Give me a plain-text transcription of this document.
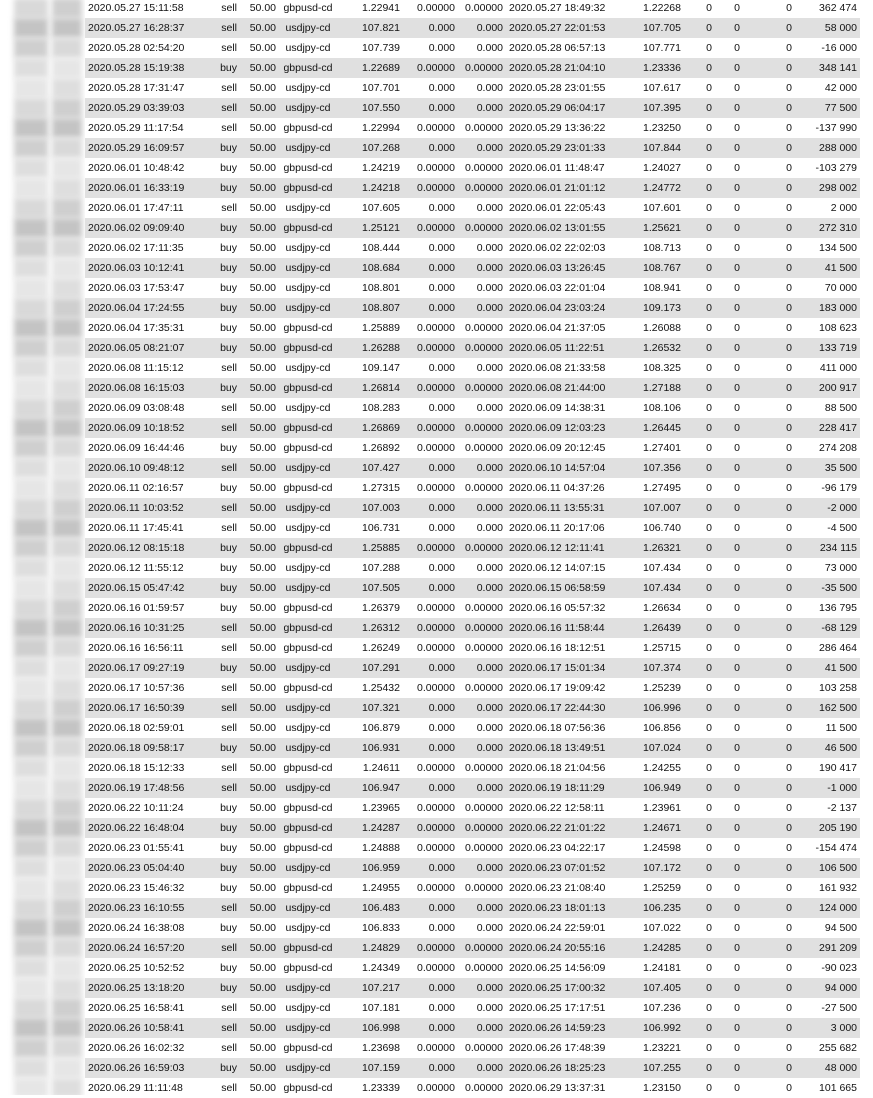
2020.05.27 15:11:58	sell	50.00	gbpusd-cd	1.22941	0.00000	0.00000	2020.05.27 18:49:32	1.22268	0	0	0	362 474
2020.05.27 16:28:37	sell	50.00	usdjpy-cd	107.821	0.000	0.000	2020.05.27 22:01:53	107.705	0	0	0	58 000
2020.05.28 02:54:20	sell	50.00	usdjpy-cd	107.739	0.000	0.000	2020.05.28 06:57:13	107.771	0	0	0	-16 000
2020.05.28 15:19:38	buy	50.00	gbpusd-cd	1.22689	0.00000	0.00000	2020.05.28 21:04:10	1.23336	0	0	0	348 141
2020.05.28 17:31:47	sell	50.00	usdjpy-cd	107.701	0.000	0.000	2020.05.28 23:01:55	107.617	0	0	0	42 000
2020.05.29 03:39:03	sell	50.00	usdjpy-cd	107.550	0.000	0.000	2020.05.29 06:04:17	107.395	0	0	0	77 500
2020.05.29 11:17:54	sell	50.00	gbpusd-cd	1.22994	0.00000	0.00000	2020.05.29 13:36:22	1.23250	0	0	0	-137 990
2020.05.29 16:09:57	buy	50.00	usdjpy-cd	107.268	0.000	0.000	2020.05.29 23:01:33	107.844	0	0	0	288 000
2020.06.01 10:48:42	buy	50.00	gbpusd-cd	1.24219	0.00000	0.00000	2020.06.01 11:48:47	1.24027	0	0	0	-103 279
2020.06.01 16:33:19	buy	50.00	gbpusd-cd	1.24218	0.00000	0.00000	2020.06.01 21:01:12	1.24772	0	0	0	298 002
2020.06.01 17:47:11	sell	50.00	usdjpy-cd	107.605	0.000	0.000	2020.06.01 22:05:43	107.601	0	0	0	2 000
2020.06.02 09:09:40	buy	50.00	gbpusd-cd	1.25121	0.00000	0.00000	2020.06.02 13:01:55	1.25621	0	0	0	272 310
2020.06.02 17:11:35	buy	50.00	usdjpy-cd	108.444	0.000	0.000	2020.06.02 22:02:03	108.713	0	0	0	134 500
2020.06.03 10:12:41	buy	50.00	usdjpy-cd	108.684	0.000	0.000	2020.06.03 13:26:45	108.767	0	0	0	41 500
2020.06.03 17:53:47	buy	50.00	usdjpy-cd	108.801	0.000	0.000	2020.06.03 22:01:04	108.941	0	0	0	70 000
2020.06.04 17:24:55	buy	50.00	usdjpy-cd	108.807	0.000	0.000	2020.06.04 23:03:24	109.173	0	0	0	183 000
2020.06.04 17:35:31	buy	50.00	gbpusd-cd	1.25889	0.00000	0.00000	2020.06.04 21:37:05	1.26088	0	0	0	108 623
2020.06.05 08:21:07	buy	50.00	gbpusd-cd	1.26288	0.00000	0.00000	2020.06.05 11:22:51	1.26532	0	0	0	133 719
2020.06.08 11:15:12	sell	50.00	usdjpy-cd	109.147	0.000	0.000	2020.06.08 21:33:58	108.325	0	0	0	411 000
2020.06.08 16:15:03	buy	50.00	gbpusd-cd	1.26814	0.00000	0.00000	2020.06.08 21:44:00	1.27188	0	0	0	200 917
2020.06.09 03:08:48	sell	50.00	usdjpy-cd	108.283	0.000	0.000	2020.06.09 14:38:31	108.106	0	0	0	88 500
2020.06.09 10:18:52	sell	50.00	gbpusd-cd	1.26869	0.00000	0.00000	2020.06.09 12:03:23	1.26445	0	0	0	228 417
2020.06.09 16:44:46	buy	50.00	gbpusd-cd	1.26892	0.00000	0.00000	2020.06.09 20:12:45	1.27401	0	0	0	274 208
2020.06.10 09:48:12	sell	50.00	usdjpy-cd	107.427	0.000	0.000	2020.06.10 14:57:04	107.356	0	0	0	35 500
2020.06.11 02:16:57	buy	50.00	gbpusd-cd	1.27315	0.00000	0.00000	2020.06.11 04:37:26	1.27495	0	0	0	-96 179
2020.06.11 10:03:52	sell	50.00	usdjpy-cd	107.003	0.000	0.000	2020.06.11 13:55:31	107.007	0	0	0	-2 000
2020.06.11 17:45:41	sell	50.00	usdjpy-cd	106.731	0.000	0.000	2020.06.11 20:17:06	106.740	0	0	0	-4 500
2020.06.12 08:15:18	buy	50.00	gbpusd-cd	1.25885	0.00000	0.00000	2020.06.12 12:11:41	1.26321	0	0	0	234 115
2020.06.12 11:55:12	buy	50.00	usdjpy-cd	107.288	0.000	0.000	2020.06.12 14:07:15	107.434	0	0	0	73 000
2020.06.15 05:47:42	buy	50.00	usdjpy-cd	107.505	0.000	0.000	2020.06.15 06:58:59	107.434	0	0	0	-35 500
2020.06.16 01:59:57	buy	50.00	gbpusd-cd	1.26379	0.00000	0.00000	2020.06.16 05:57:32	1.26634	0	0	0	136 795
2020.06.16 10:31:25	sell	50.00	gbpusd-cd	1.26312	0.00000	0.00000	2020.06.16 11:58:44	1.26439	0	0	0	-68 129
2020.06.16 16:56:11	sell	50.00	gbpusd-cd	1.26249	0.00000	0.00000	2020.06.16 18:12:51	1.25715	0	0	0	286 464
2020.06.17 09:27:19	buy	50.00	usdjpy-cd	107.291	0.000	0.000	2020.06.17 15:01:34	107.374	0	0	0	41 500
2020.06.17 10:57:36	sell	50.00	gbpusd-cd	1.25432	0.00000	0.00000	2020.06.17 19:09:42	1.25239	0	0	0	103 258
2020.06.17 16:50:39	sell	50.00	usdjpy-cd	107.321	0.000	0.000	2020.06.17 22:44:30	106.996	0	0	0	162 500
2020.06.18 02:59:01	sell	50.00	usdjpy-cd	106.879	0.000	0.000	2020.06.18 07:56:36	106.856	0	0	0	11 500
2020.06.18 09:58:17	buy	50.00	usdjpy-cd	106.931	0.000	0.000	2020.06.18 13:49:51	107.024	0	0	0	46 500
2020.06.18 15:12:33	sell	50.00	gbpusd-cd	1.24611	0.00000	0.00000	2020.06.18 21:04:56	1.24255	0	0	0	190 417
2020.06.19 17:48:56	sell	50.00	usdjpy-cd	106.947	0.000	0.000	2020.06.19 18:11:29	106.949	0	0	0	-1 000
2020.06.22 10:11:24	buy	50.00	gbpusd-cd	1.23965	0.00000	0.00000	2020.06.22 12:58:11	1.23961	0	0	0	-2 137
2020.06.22 16:48:04	buy	50.00	gbpusd-cd	1.24287	0.00000	0.00000	2020.06.22 21:01:22	1.24671	0	0	0	205 190
2020.06.23 01:55:41	buy	50.00	gbpusd-cd	1.24888	0.00000	0.00000	2020.06.23 04:22:17	1.24598	0	0	0	-154 474
2020.06.23 05:04:40	buy	50.00	usdjpy-cd	106.959	0.000	0.000	2020.06.23 07:01:52	107.172	0	0	0	106 500
2020.06.23 15:46:32	buy	50.00	gbpusd-cd	1.24955	0.00000	0.00000	2020.06.23 21:08:40	1.25259	0	0	0	161 932
2020.06.23 16:10:55	sell	50.00	usdjpy-cd	106.483	0.000	0.000	2020.06.23 18:01:13	106.235	0	0	0	124 000
2020.06.24 16:38:08	buy	50.00	usdjpy-cd	106.833	0.000	0.000	2020.06.24 22:59:01	107.022	0	0	0	94 500
2020.06.24 16:57:20	sell	50.00	gbpusd-cd	1.24829	0.00000	0.00000	2020.06.24 20:55:16	1.24285	0	0	0	291 209
2020.06.25 10:52:52	buy	50.00	gbpusd-cd	1.24349	0.00000	0.00000	2020.06.25 14:56:09	1.24181	0	0	0	-90 023
2020.06.25 13:18:20	buy	50.00	usdjpy-cd	107.217	0.000	0.000	2020.06.25 17:00:32	107.405	0	0	0	94 000
2020.06.25 16:58:41	sell	50.00	usdjpy-cd	107.181	0.000	0.000	2020.06.25 17:17:51	107.236	0	0	0	-27 500
2020.06.26 10:58:41	sell	50.00	usdjpy-cd	106.998	0.000	0.000	2020.06.26 14:59:23	106.992	0	0	0	3 000
2020.06.26 16:02:32	sell	50.00	gbpusd-cd	1.23698	0.00000	0.00000	2020.06.26 17:48:39	1.23221	0	0	0	255 682
2020.06.26 16:59:03	buy	50.00	usdjpy-cd	107.159	0.000	0.000	2020.06.26 18:25:23	107.255	0	0	0	48 000
2020.06.29 11:11:48	sell	50.00	gbpusd-cd	1.23339	0.00000	0.00000	2020.06.29 13:37:31	1.23150	0	0	0	101 665
